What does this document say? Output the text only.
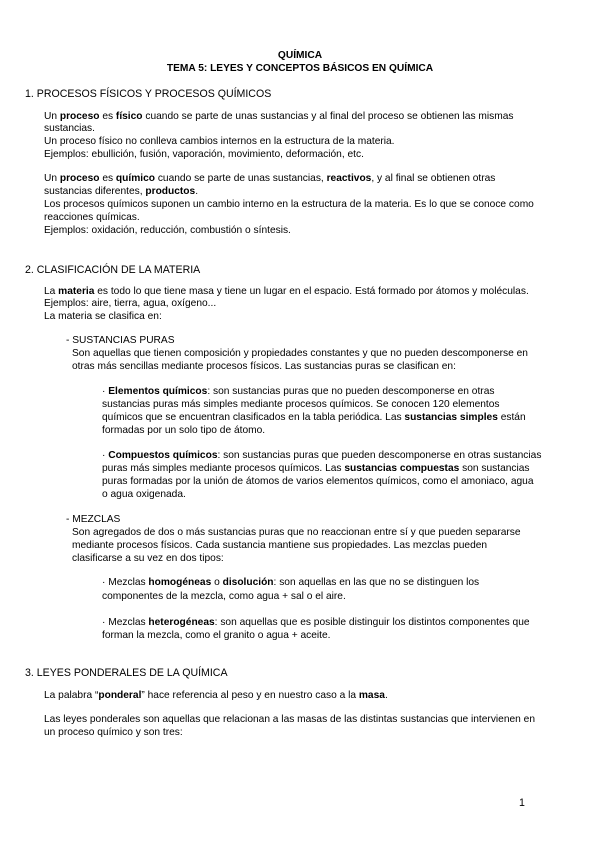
QUÍMICA
TEMA 5: LEYES Y CONCEPTOS BÁSICOS EN QUÍMICA
1. PROCESOS FÍSICOS Y PROCESOS QUÍMICOS
Un proceso es físico cuando se parte de unas sustancias y al final del proceso se obtienen las mismas
sustancias.
Un proceso físico no conlleva cambios internos en la estructura de la materia.
Ejemplos: ebullición, fusión, vaporación, movimiento, deformación, etc.
Un proceso es químico cuando se parte de unas sustancias, reactivos, y al final se obtienen otras
sustancias diferentes, productos.
Los procesos químicos suponen un cambio interno en la estructura de la materia. Es lo que se conoce como
reacciones químicas.
Ejemplos: oxidación, reducción, combustión o síntesis.
2. CLASIFICACIÓN DE LA MATERIA
La materia es todo lo que tiene masa y tiene un lugar en el espacio. Está formado por átomos y moléculas.
Ejemplos: aire, tierra, agua, oxígeno...
La materia se clasifica en:
- SUSTANCIAS PURAS
Son aquellas que tienen composición y propiedades constantes y que no pueden descomponerse en
otras más sencillas mediante procesos físicos. Las sustancias puras se clasifican en:
· Elementos químicos: son sustancias puras que no pueden descomponerse en otras
sustancias puras más simples mediante procesos químicos. Se conocen 120 elementos
químicos que se encuentran clasificados en la tabla periódica. Las sustancias simples están
formadas por un solo tipo de átomo.
· Compuestos químicos: son sustancias puras que pueden descomponerse en otras sustancias
puras más simples mediante procesos químicos. Las sustancias compuestas son sustancias
puras formadas por la unión de átomos de varios elementos químicos, como el amoniaco, agua
o agua oxigenada.
- MEZCLAS
Son agregados de dos o más sustancias puras que no reaccionan entre sí y que pueden separarse
mediante procesos físicos. Cada sustancia mantiene sus propiedades. Las mezclas pueden
clasificarse a su vez en dos tipos:
· Mezclas homogéneas o disolución: son aquellas en las que no se distinguen los
componentes de la mezcla, como agua + sal o el aire.
· Mezclas heterogéneas: son aquellas que es posible distinguir los distintos componentes que
forman la mezcla, como el granito o agua + aceite.
3. LEYES PONDERALES DE LA QUÍMICA
La palabra “ponderal” hace referencia al peso y en nuestro caso a la masa.
Las leyes ponderales son aquellas que relacionan a las masas de las distintas sustancias que intervienen en
un proceso químico y son tres:
1
